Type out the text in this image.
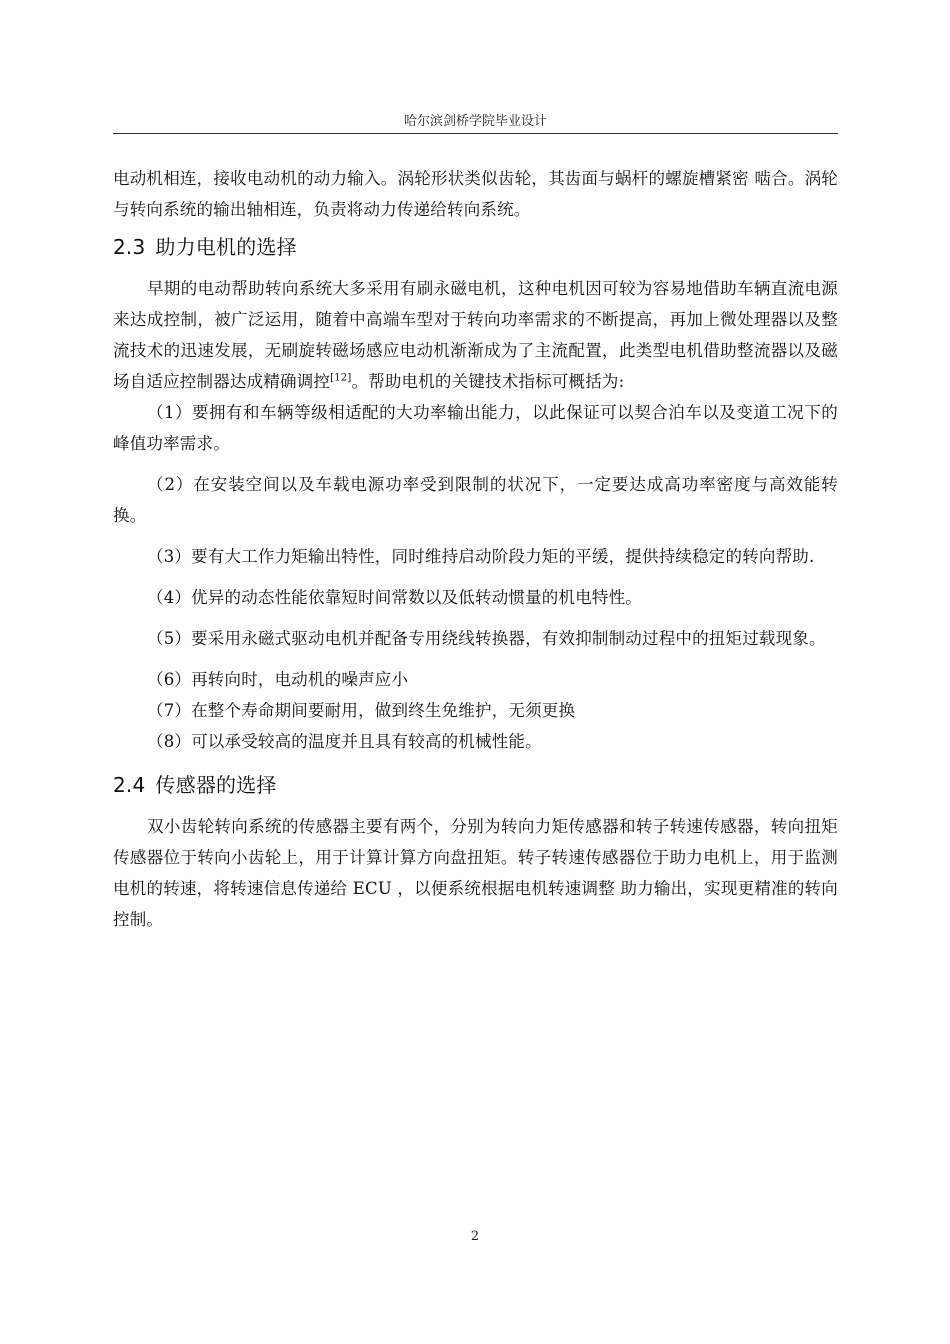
哈尔滨剑桥学院毕业设计

电动机相连，接收电动机的动力输入。涡轮形状类似齿轮，其齿面与蜗杆的螺旋槽紧密 啮合。涡轮与转向系统的输出轴相连，负责将动力传递给转向系统。

2.3 助力电机的选择

早期的电动帮助转向系统大多采用有刷永磁电机，这种电机因可较为容易地借助车辆直流电源来达成控制，被广泛运用，随着中高端车型对于转向功率需求的不断提高，再加上微处理器以及整流技术的迅速发展，无刷旋转磁场感应电动机渐渐成为了主流配置，此类型电机借助整流器以及磁场自适应控制器达成精确调控[12]。帮助电机的关键技术指标可概括为:

（1）要拥有和车辆等级相适配的大功率输出能力，以此保证可以契合泊车以及变道工况下的峰值功率需求。

（2）在安装空间以及车载电源功率受到限制的状况下，一定要达成高功率密度与高效能转换。

（3）要有大工作力矩输出特性，同时维持启动阶段力矩的平缓，提供持续稳定的转向帮助.

（4）优异的动态性能依靠短时间常数以及低转动惯量的机电特性。

（5）要采用永磁式驱动电机并配备专用绕线转换器，有效抑制制动过程中的扭矩过载现象。

（6）再转向时，电动机的噪声应小

（7）在整个寿命期间要耐用，做到终生免维护，无须更换

（8）可以承受较高的温度并且具有较高的机械性能。

2.4 传感器的选择

双小齿轮转向系统的传感器主要有两个，分别为转向力矩传感器和转子转速传感器，转向扭矩传感器位于转向小齿轮上，用于计算计算方向盘扭矩。转子转速传感器位于助力电机上，用于监测电机的转速，将转速信息传递给 ECU ，以便系统根据电机转速调整 助力输出，实现更精准的转向控制。

2
